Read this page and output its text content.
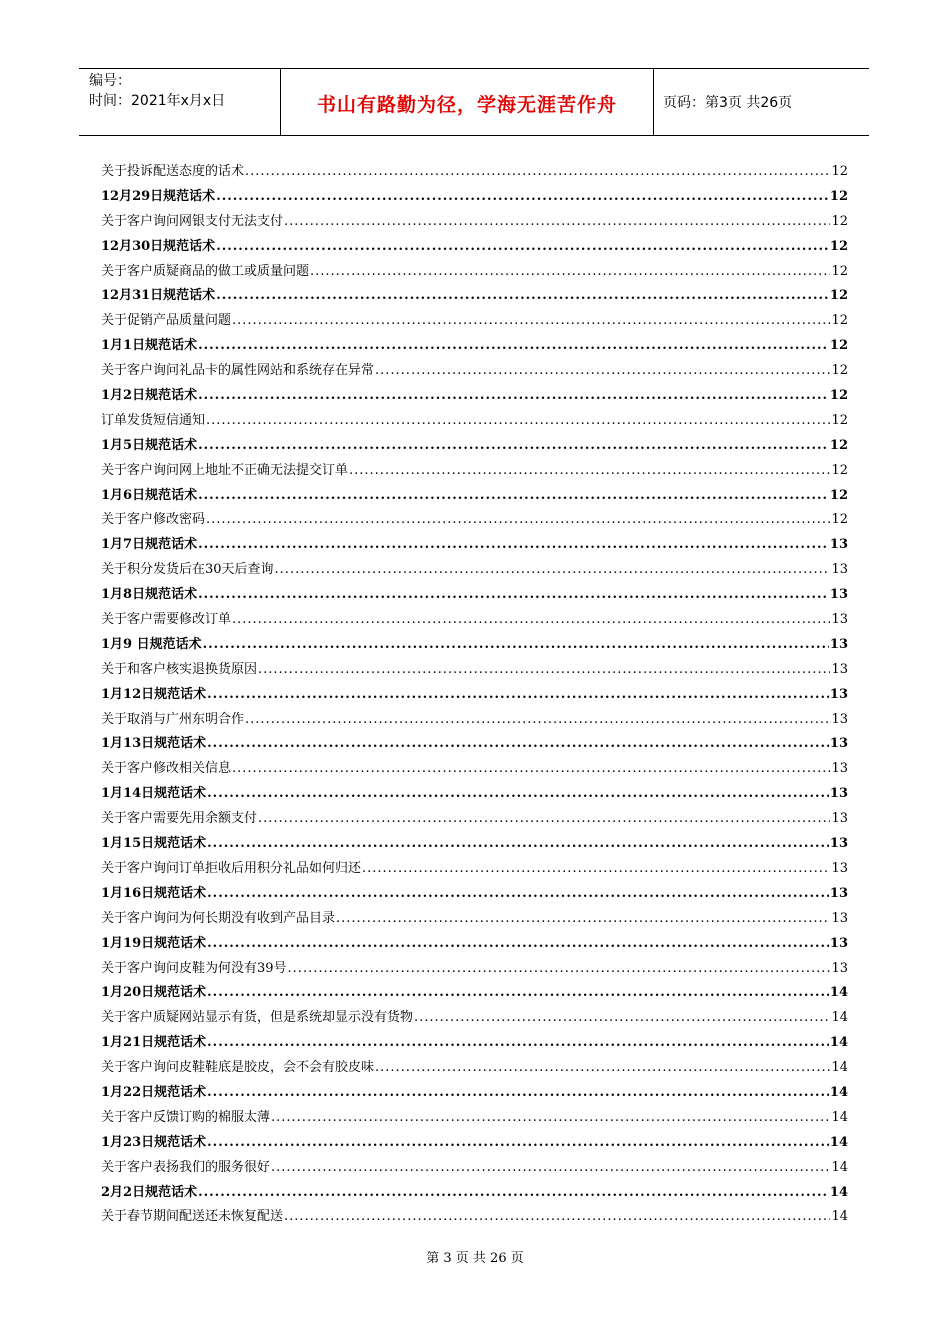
编号：
时间：2021年x月x日	书山有路勤为径，学海无涯苦作舟	页码：第3页 共26页
关于投诉配送态度的话术 .....	12
12月29日规范话术 .....	12
关于客户询问网银支付无法支付 .....	12
12月30日规范话术 .....	12
关于客户质疑商品的做工或质量问题 .....	12
12月31日规范话术 .....	12
关于促销产品质量问题 .....	12
1月1日规范话术 .....	12
关于客户询问礼品卡的属性网站和系统存在异常 .....	12
1月2日规范话术 .....	12
订单发货短信通知 .....	12
1月5日规范话术 .....	12
关于客户询问网上地址不正确无法提交订单 .....	12
1月6日规范话术 .....	12
关于客户修改密码 .....	12
1月7日规范话术 .....	13
关于积分发货后在30天后查询 .....	13
1月8日规范话术 .....	13
关于客户需要修改订单 .....	13
1月9 日规范话术 .....	13
关于和客户核实退换货原因 .....	13
1月12日规范话术 .....	13
关于取消与广州东明合作 .....	13
1月13日规范话术 .....	13
关于客户修改相关信息 .....	13
1月14日规范话术 .....	13
关于客户需要先用余额支付 .....	13
1月15日规范话术 .....	13
关于客户询问订单拒收后用积分礼品如何归还 .....	13
1月16日规范话术 .....	13
关于客户询问为何长期没有收到产品目录 .....	13
1月19日规范话术 .....	13
关于客户询问皮鞋为何没有39号 .....	13
1月20日规范话术 .....	14
关于客户质疑网站显示有货，但是系统却显示没有货物 .....	14
1月21日规范话术 .....	14
关于客户询问皮鞋鞋底是胶皮，会不会有胶皮味 .....	14
1月22日规范话术 .....	14
关于客户反馈订购的棉服太薄 .....	14
1月23日规范话术 .....	14
关于客户表扬我们的服务很好 .....	14
2月2日规范话术 .....	14
关于春节期间配送还未恢复配送 .....	14
第 3 页 共 26 页
